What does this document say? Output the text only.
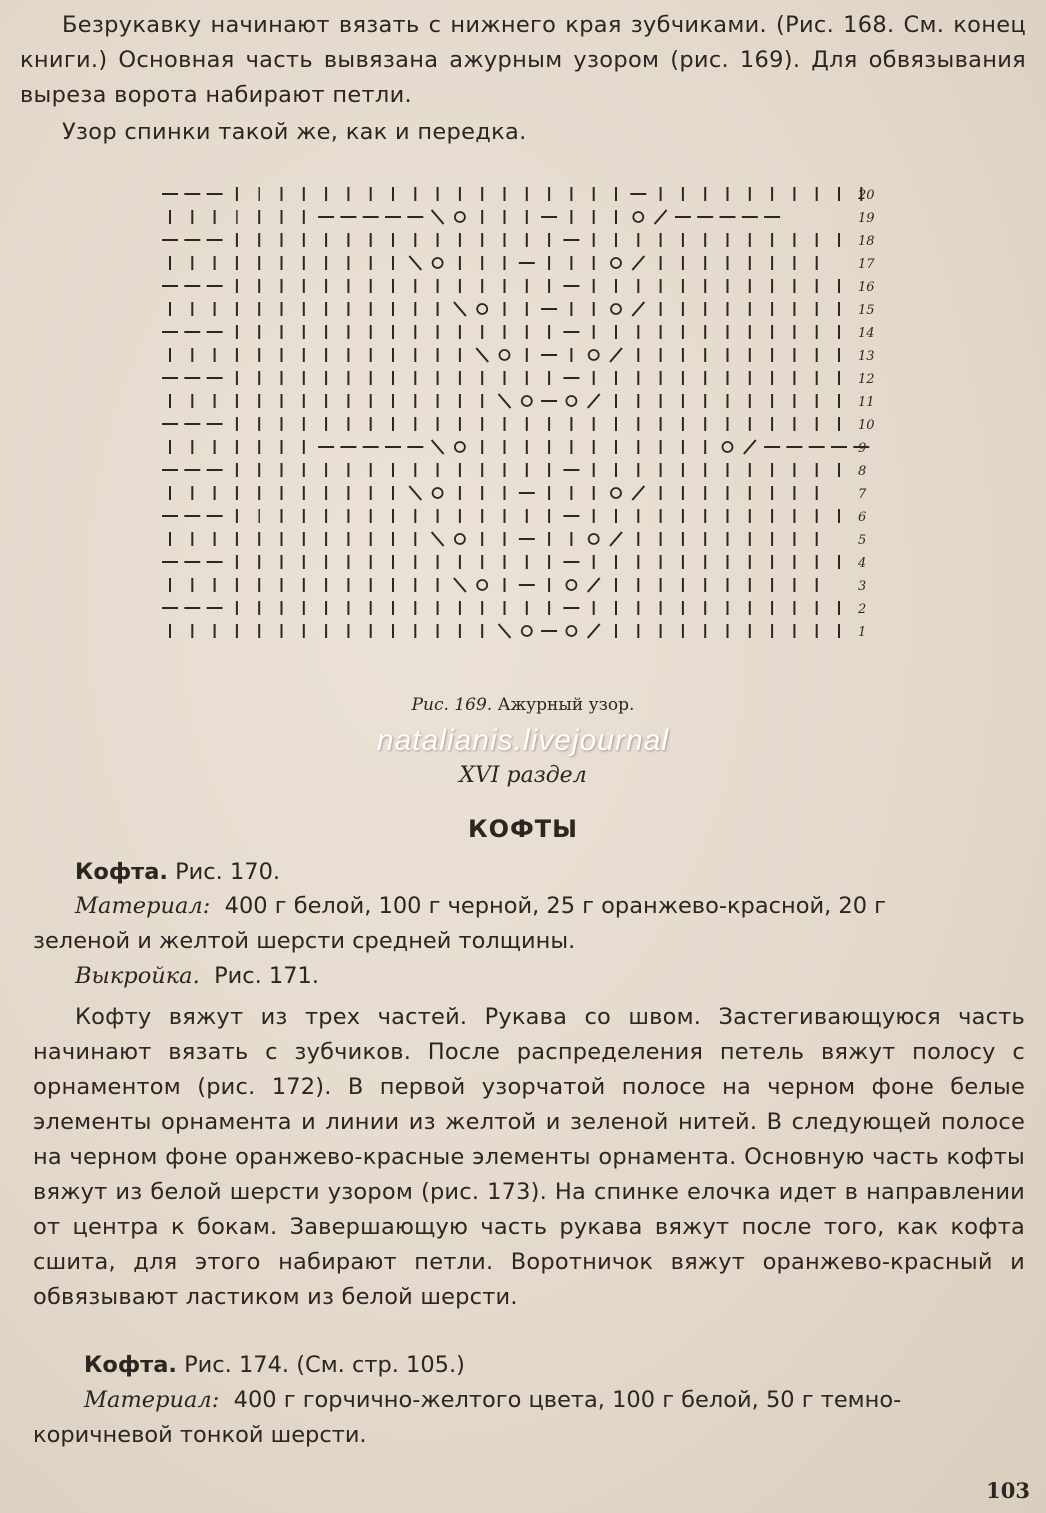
Безрукавку начинают вязать с нижнего края зубчиками. (Рис. 168. См. конец книги.) Основная часть вывязана ажурным узором (рис. 169). Для обвязывания выреза ворота набирают петли.

Узор спинки такой же, как и передка.

20
19
18
17
16
15
14
13
12
11
10
9
8
7
6
5
4
3
2
1
Рис. 169. Ажурный узор.
natalianis.livejournal
XVI раздел
КОФТЫ

Кофта. Рис. 170.

Материал: 400 г белой, 100 г черной, 25 г оранжево-красной, 20 г

зеленой и желтой шерсти средней толщины.

Выкройка. Рис. 171.

Кофту вяжут из трех частей. Рукава со швом. Застегивающуюся часть начинают вязать с зубчиков. После распределения петель вяжут полосу с орнаментом (рис. 172). В первой узорчатой полосе на черном фоне белые элементы орнамента и линии из желтой и зеленой нитей. В следующей полосе на черном фоне оранжево-красные элементы орнамента. Основную часть кофты вяжут из белой шерсти узором (рис. 173). На спинке елочка идет в направлении от центра к бокам. Завершающую часть рукава вяжут после того, как кофта сшита, для этого набирают петли. Воротничок вяжут оранжево-красный и обвязывают ластиком из белой шерсти.

Кофта. Рис. 174. (См. стр. 105.)

Материал: 400 г горчично-желтого цвета, 100 г белой, 50 г темно-

коричневой тонкой шерсти.

103
